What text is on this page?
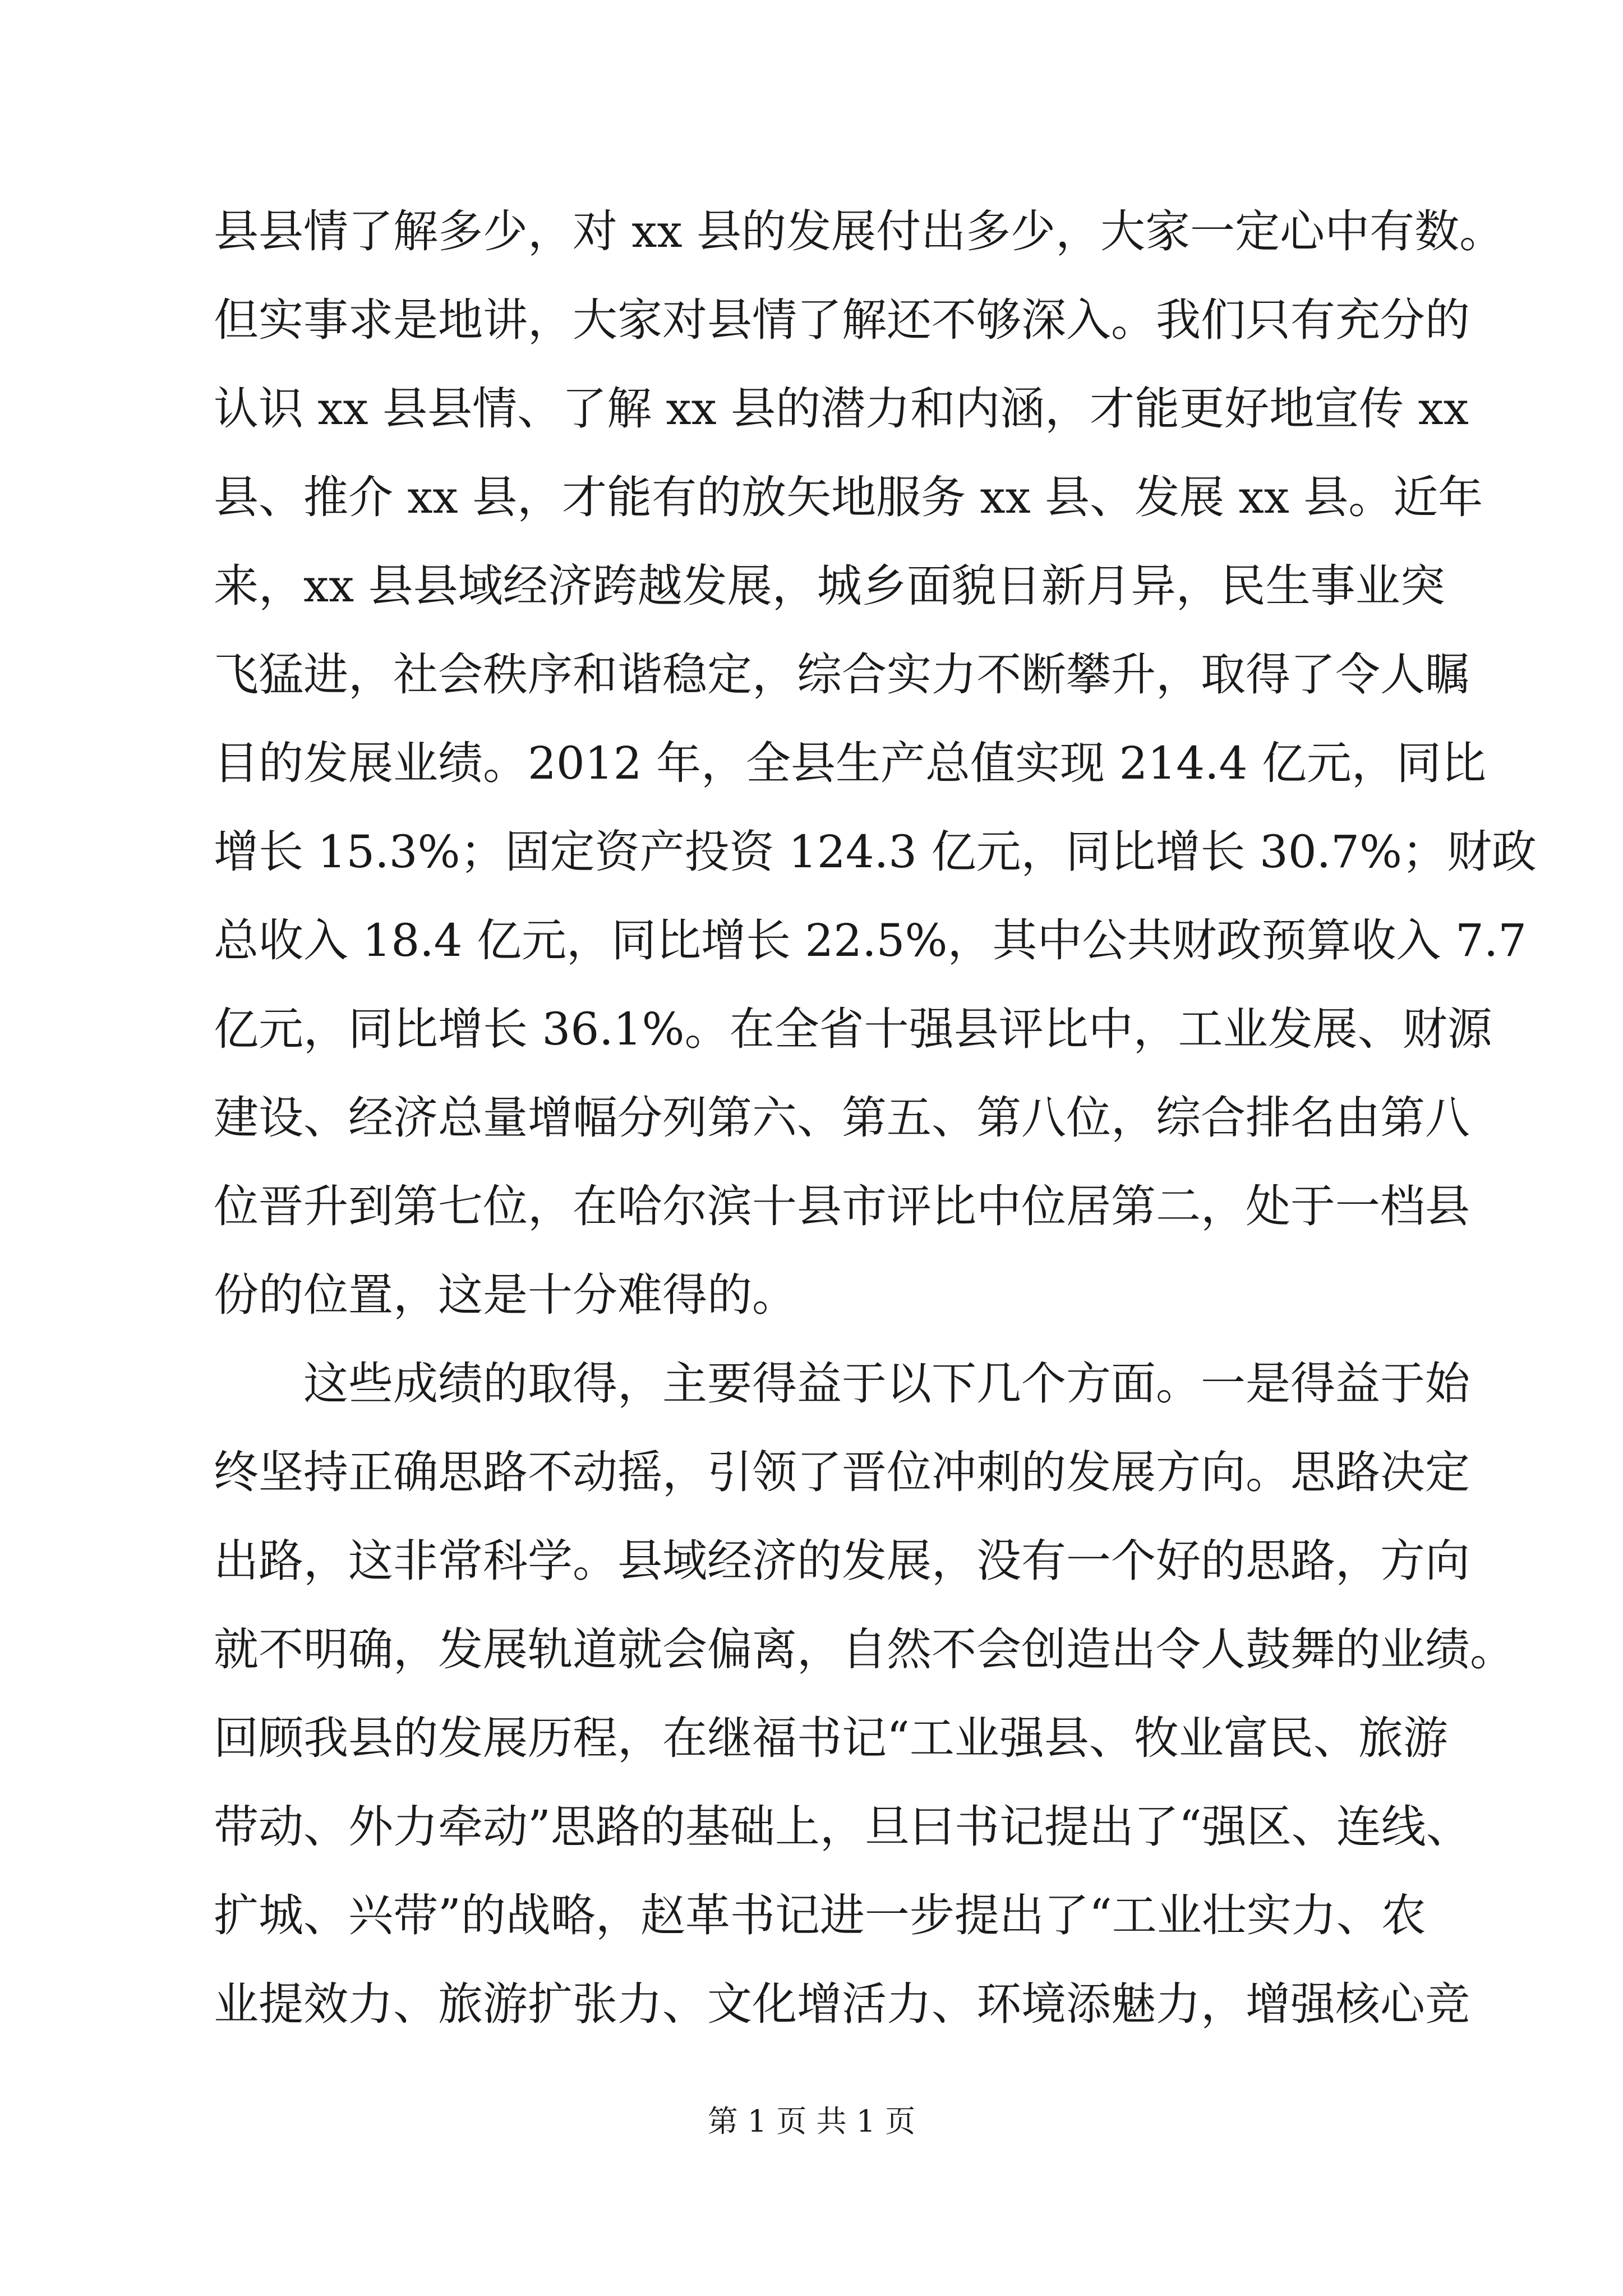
县县情了解多少，对 xx 县的发展付出多少，大家一定心中有数。
但实事求是地讲，大家对县情了解还不够深入。我们只有充分的
认识 xx 县县情、了解 xx 县的潜力和内涵，才能更好地宣传 xx
县、推介 xx 县，才能有的放矢地服务 xx 县、发展 xx 县。近年
来，xx 县县域经济跨越发展，城乡面貌日新月异，民生事业突
飞猛进，社会秩序和谐稳定，综合实力不断攀升，取得了令人瞩
目的发展业绩。2012 年，全县生产总值实现 214.4 亿元，同比
增长 15.3%；固定资产投资 124.3 亿元，同比增长 30.7%；财政
总收入 18.4 亿元，同比增长 22.5%，其中公共财政预算收入 7.7
亿元，同比增长 36.1%。在全省十强县评比中，工业发展、财源
建设、经济总量增幅分列第六、第五、第八位，综合排名由第八
位晋升到第七位，在哈尔滨十县市评比中位居第二，处于一档县
份的位置，这是十分难得的。
这些成绩的取得，主要得益于以下几个方面。一是得益于始
终坚持正确思路不动摇，引领了晋位冲刺的发展方向。思路决定
出路，这非常科学。县域经济的发展，没有一个好的思路，方向
就不明确，发展轨道就会偏离，自然不会创造出令人鼓舞的业绩。
回顾我县的发展历程，在继福书记“工业强县、牧业富民、旅游
带动、外力牵动”思路的基础上，旦曰书记提出了“强区、连线、
扩城、兴带”的战略，赵革书记进一步提出了“工业壮实力、农
业提效力、旅游扩张力、文化增活力、环境添魅力，增强核心竞
第 1 页 共 1 页
